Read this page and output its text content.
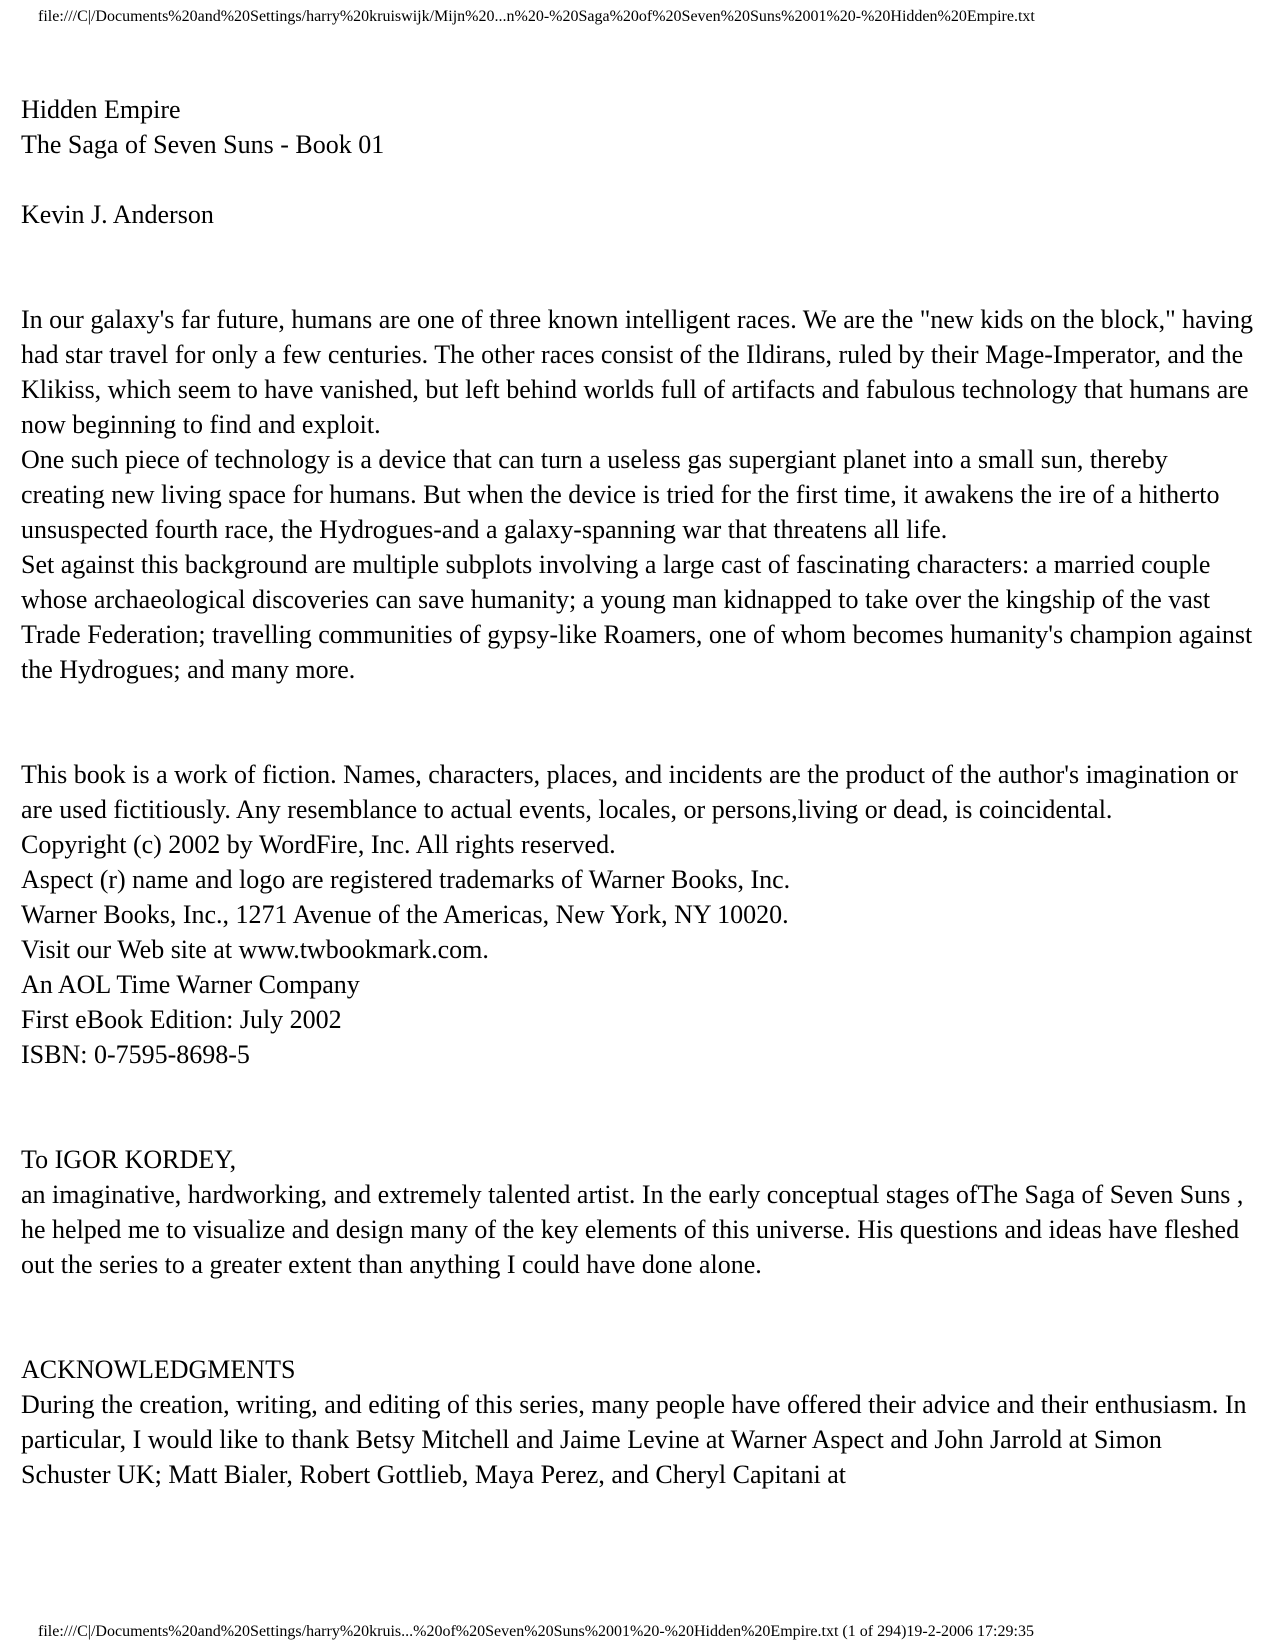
file:///C|/Documents%20and%20Settings/harry%20kruiswijk/Mijn%20...n%20-%20Saga%20of%20Seven%20Suns%2001%20-%20Hidden%20Empire.txt

Hidden Empire

The Saga of Seven Suns - Book 01

Kevin J. Anderson

In our galaxy's far future, humans are one of three known intelligent races. We are the "new kids on the block," having had star travel for only a few centuries. The other races consist of the Ildirans, ruled by their Mage-Imperator, and the Klikiss, which seem to have vanished, but left behind worlds full of artifacts and fabulous technology that humans are now beginning to find and exploit.

One such piece of technology is a device that can turn a useless gas supergiant planet into a small sun, thereby creating new living space for humans. But when the device is tried for the first time, it awakens the ire of a hitherto unsuspected fourth race, the Hydrogues-and a galaxy-spanning war that threatens all life.

Set against this background are multiple subplots involving a large cast of fascinating characters: a married couple whose archaeological discoveries can save humanity; a young man kidnapped to take over the kingship of the vast Trade Federation; travelling communities of gypsy-like Roamers, one of whom becomes humanity's champion against the Hydrogues; and many more.

This book is a work of fiction. Names, characters, places, and incidents are the product of the author's imagination or are used fictitiously. Any resemblance to actual events, locales, or persons,living or dead, is coincidental.

Copyright (c) 2002 by WordFire, Inc. All rights reserved.

Aspect (r) name and logo are registered trademarks of Warner Books, Inc.

Warner Books, Inc., 1271 Avenue of the Americas, New York, NY 10020.

Visit our Web site at www.twbookmark.com.

An AOL Time Warner Company

First eBook Edition: July 2002

ISBN: 0-7595-8698-5

To IGOR KORDEY,

an imaginative, hardworking, and extremely talented artist. In the early conceptual stages ofThe Saga of Seven Suns , he helped me to visualize and design many of the key elements of this universe. His questions and ideas have fleshed out the series to a greater extent than anything I could have done alone.

ACKNOWLEDGMENTS

During the creation, writing, and editing of this series, many people have offered their advice and their enthusiasm. In particular, I would like to thank Betsy Mitchell and Jaime Levine at Warner Aspect and John Jarrold at Simon Schuster UK; Matt Bialer, Robert Gottlieb, Maya Perez, and Cheryl Capitani at

file:///C|/Documents%20and%20Settings/harry%20kruis...%20of%20Seven%20Suns%2001%20-%20Hidden%20Empire.txt (1 of 294)19-2-2006 17:29:35
